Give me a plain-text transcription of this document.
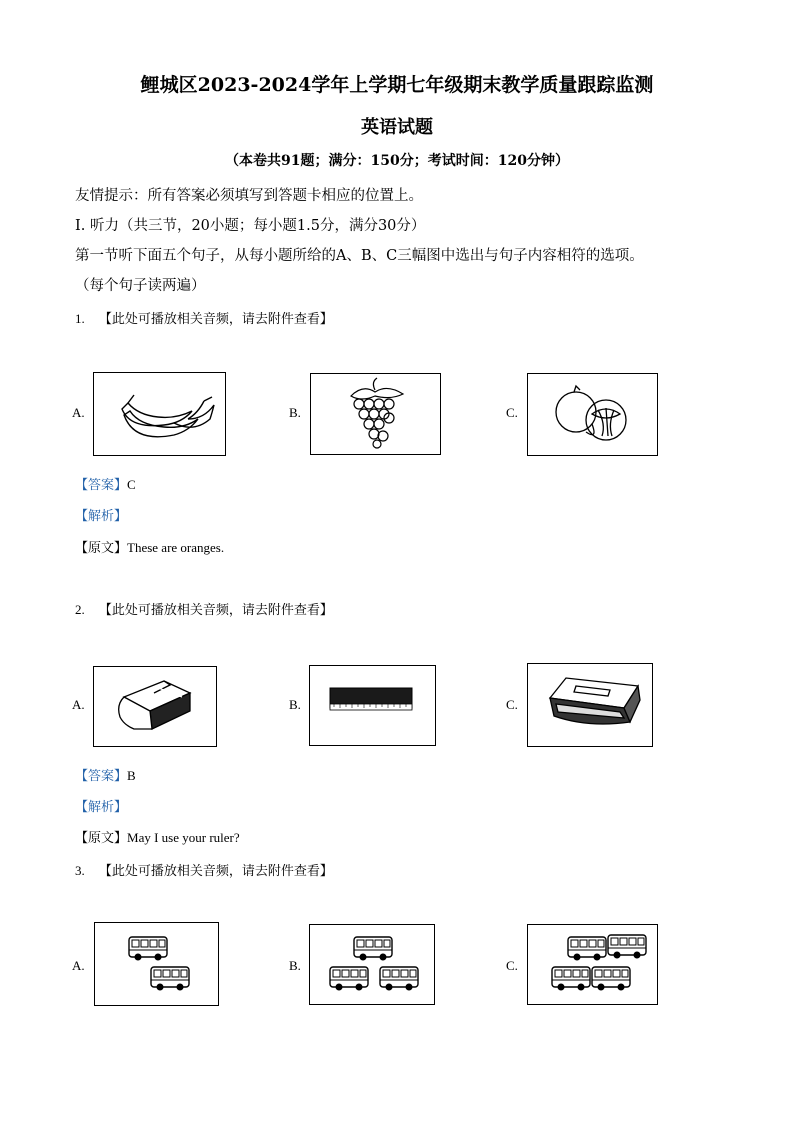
鲤城区2023-2024学年上学期七年级期末教学质量跟踪监测
英语试题
（本卷共91题；满分：150分；考试时间：120分钟）
友情提示：所有答案必须填写到答题卡相应的位置上。
Ⅰ. 听力（共三节，20小题；每小题1.5分，满分30分）
第一节听下面五个句子，从每小题所给的A、B、C三幅图中选出与句子内容相符的选项。
（每个句子读两遍）
1. 【此处可播放相关音频，请去附件查看】
A.	B.	C.
【答案】C
【解析】
【原文】These are oranges.
2. 【此处可播放相关音频，请去附件查看】
A.	B.	C.
【答案】B
【解析】
【原文】May I use your ruler?
3. 【此处可播放相关音频，请去附件查看】
A.	B.	C.
